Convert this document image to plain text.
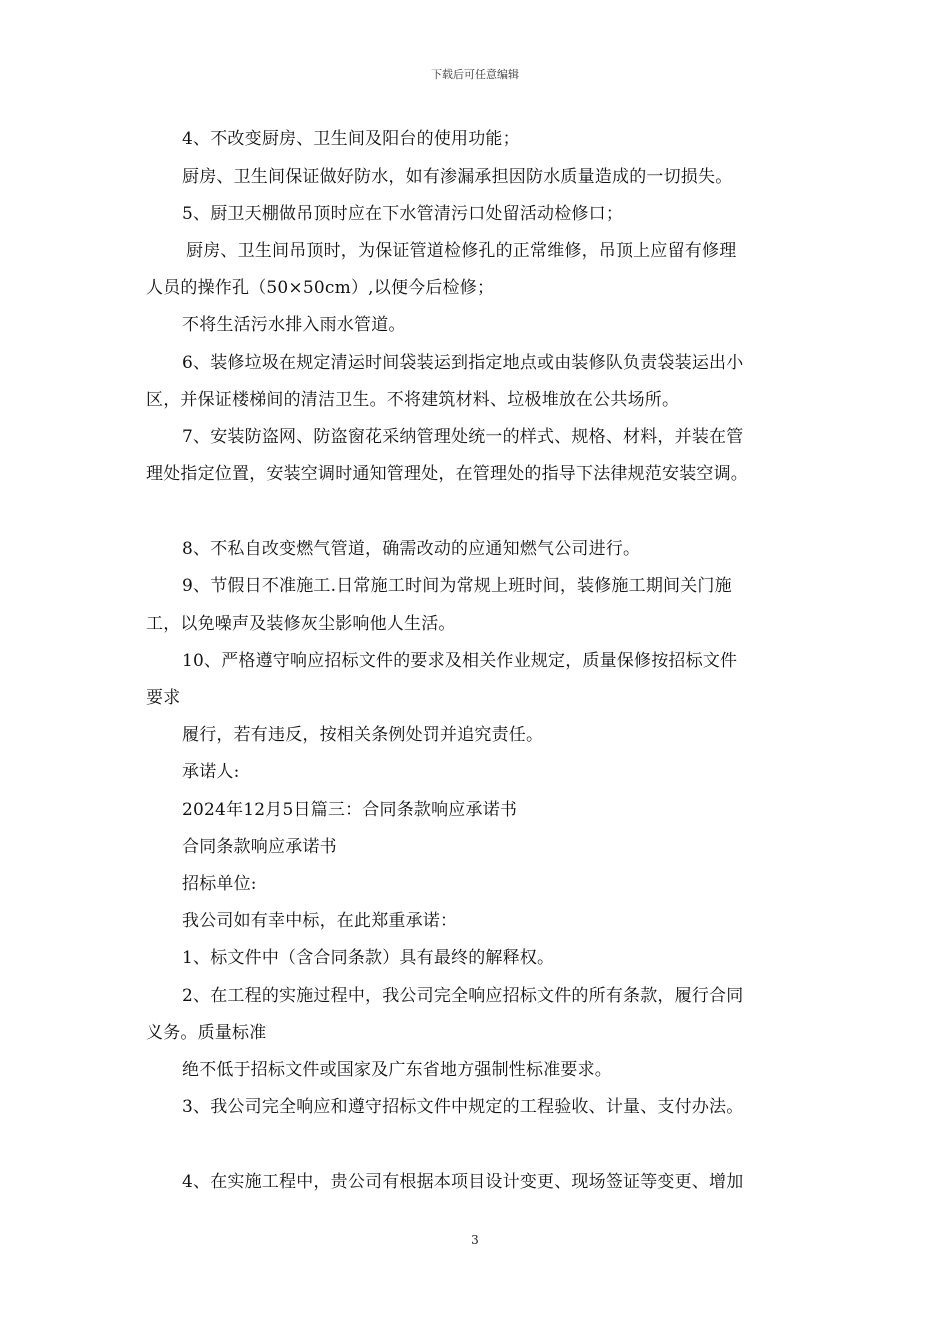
下载后可任意编辑
4、不改变厨房、卫生间及阳台的使用功能；
厨房、卫生间保证做好防水，如有渗漏承担因防水质量造成的一切损失。
5、厨卫天棚做吊顶时应在下水管清污口处留活动检修口；
厨房、卫生间吊顶时，为保证管道检修孔的正常维修，吊顶上应留有修理
人员的操作孔（50×50cm）,以便今后检修；
不将生活污水排入雨水管道。
6、装修垃圾在规定清运时间袋装运到指定地点或由装修队负责袋装运出小
区，并保证楼梯间的清洁卫生。不将建筑材料、垃极堆放在公共场所。
7、安装防盗网、防盗窗花采纳管理处统一的样式、规格、材料，并装在管
理处指定位置，安装空调时通知管理处，在管理处的指导下法律规范安装空调。
8、不私自改变燃气管道，确需改动的应通知燃气公司进行。
9、节假日不准施工.日常施工时间为常规上班时间，装修施工期间关门施
工，以免噪声及装修灰尘影响他人生活。
10、严格遵守响应招标文件的要求及相关作业规定，质量保修按招标文件
要求
履行，若有违反，按相关条例处罚并追究责任。
承诺人:
2024年12月5日篇三：合同条款响应承诺书
合同条款响应承诺书
招标单位:
我公司如有幸中标，在此郑重承诺：
1、标文件中（含合同条款）具有最终的解释权。
2、在工程的实施过程中，我公司完全响应招标文件的所有条款，履行合同
义务。质量标准
绝不低于招标文件或国家及广东省地方强制性标准要求。
3、我公司完全响应和遵守招标文件中规定的工程验收、计量、支付办法。
4、在实施工程中，贵公司有根据本项目设计变更、现场签证等变更、增加
3
